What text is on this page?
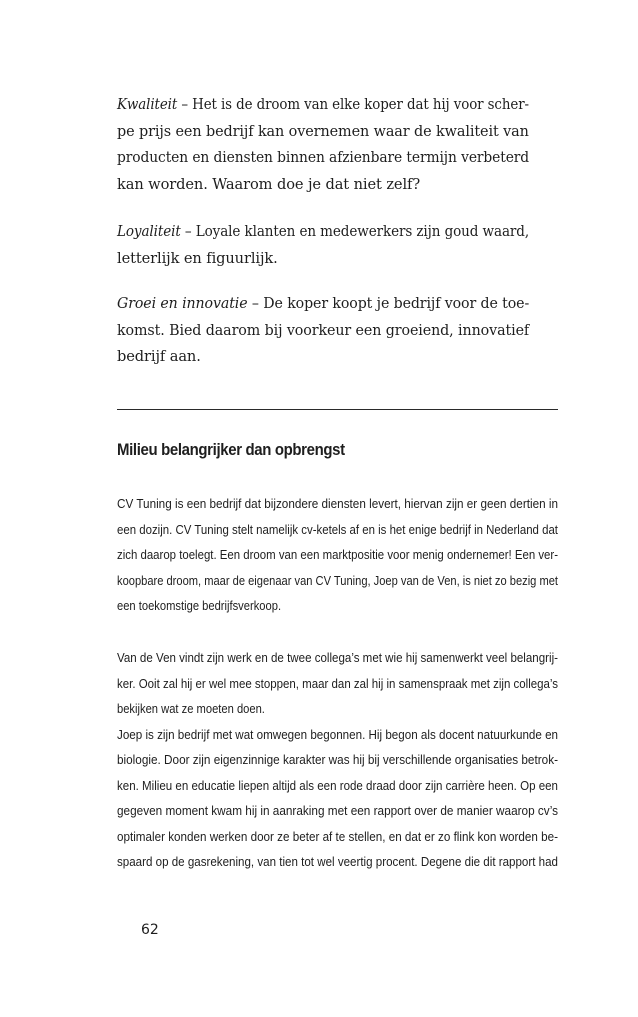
Kwaliteit – Het is de droom van elke koper dat hij voor scher-
pe prijs een bedrijf kan overnemen waar de kwaliteit van
producten en diensten binnen afzienbare termijn verbeterd
kan worden. Waarom doe je dat niet zelf?
Loyaliteit – Loyale klanten en medewerkers zijn goud waard,
letterlijk en figuurlijk.
Groei en innovatie – De koper koopt je bedrijf voor de toe-
komst. Bied daarom bij voorkeur een groeiend, innovatief
bedrijf aan.
Milieu belangrijker dan opbrengst
CV Tuning is een bedrijf dat bijzondere diensten levert, hiervan zijn er geen dertien in
een dozijn. CV Tuning stelt namelijk cv-ketels af en is het enige bedrijf in Nederland dat
zich daarop toelegt. Een droom van een marktpositie voor menig ondernemer! Een ver-
koopbare droom, maar de eigenaar van CV Tuning, Joep van de Ven, is niet zo bezig met
een toekomstige bedrijfsverkoop.
Van de Ven vindt zijn werk en de twee collega’s met wie hij samenwerkt veel belangrij-
ker. Ooit zal hij er wel mee stoppen, maar dan zal hij in samenspraak met zijn collega’s
bekijken wat ze moeten doen.
Joep is zijn bedrijf met wat omwegen begonnen. Hij begon als docent natuurkunde en
biologie. Door zijn eigenzinnige karakter was hij bij verschillende organisaties betrok-
ken. Milieu en educatie liepen altijd als een rode draad door zijn carrière heen. Op een
gegeven moment kwam hij in aanraking met een rapport over de manier waarop cv’s
optimaler konden werken door ze beter af te stellen, en dat er zo flink kon worden be-
spaard op de gasrekening, van tien tot wel veertig procent. Degene die dit rapport had
62
